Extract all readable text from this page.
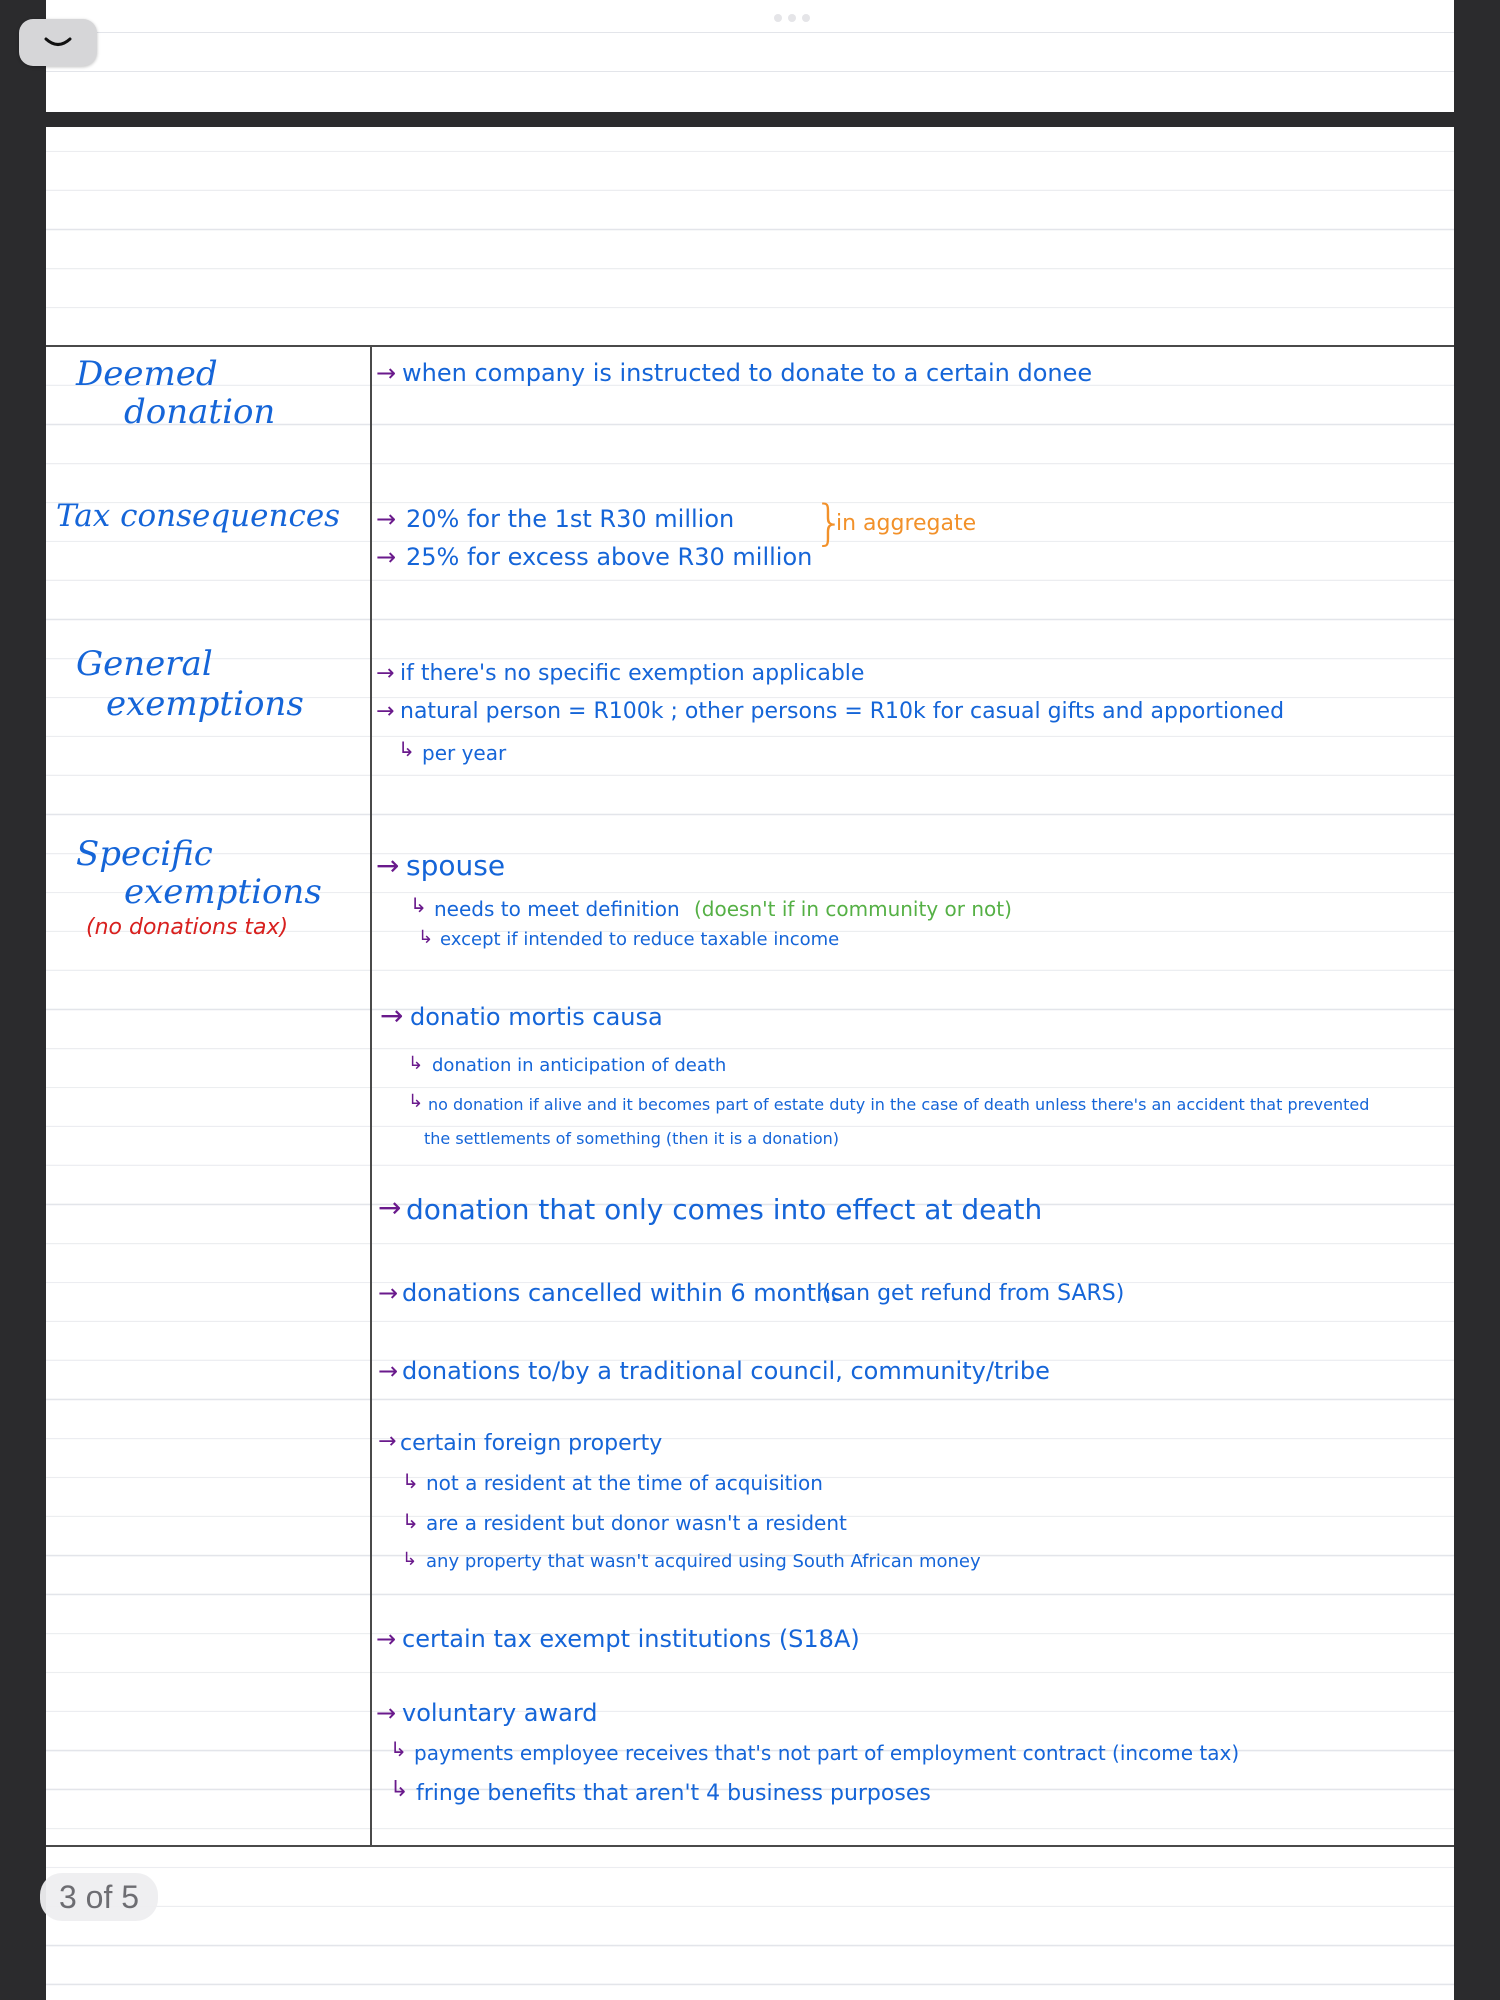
Deemed
donation
→ when company is instructed to donate to a certain donee
Tax consequences → 20% for the 1st R30 million
→ 25% for excess above R30 million
}
in aggregate
General
exemptions
→ if there's no specific exemption applicable
→ natural person = R100k ; other persons = R10k for casual gifts and apportioned
↳ per year
Specific
exemptions
(no donations tax)
→ spouse
↳ needs to meet definition (doesn't if in community or not)
↳ except if intended to reduce taxable income
→ donatio mortis causa
↳ donation in anticipation of death
↳ no donation if alive and it becomes part of estate duty in the case of death unless there's an accident that prevented
the settlements of something (then it is a donation)
→ donation that only comes into effect at death
→ donations cancelled within 6 months
(can get refund from SARS)
→ donations to/by a traditional council, community/tribe
→ certain foreign property
↳ not a resident at the time of acquisition
↳ are a resident but donor wasn't a resident
↳ any property that wasn't acquired using South African money
→ certain tax exempt institutions (S18A)
→ voluntary award
↳ payments employee receives that's not part of employment contract (income tax)
↳ fringe benefits that aren't 4 business purposes
3 of 5
